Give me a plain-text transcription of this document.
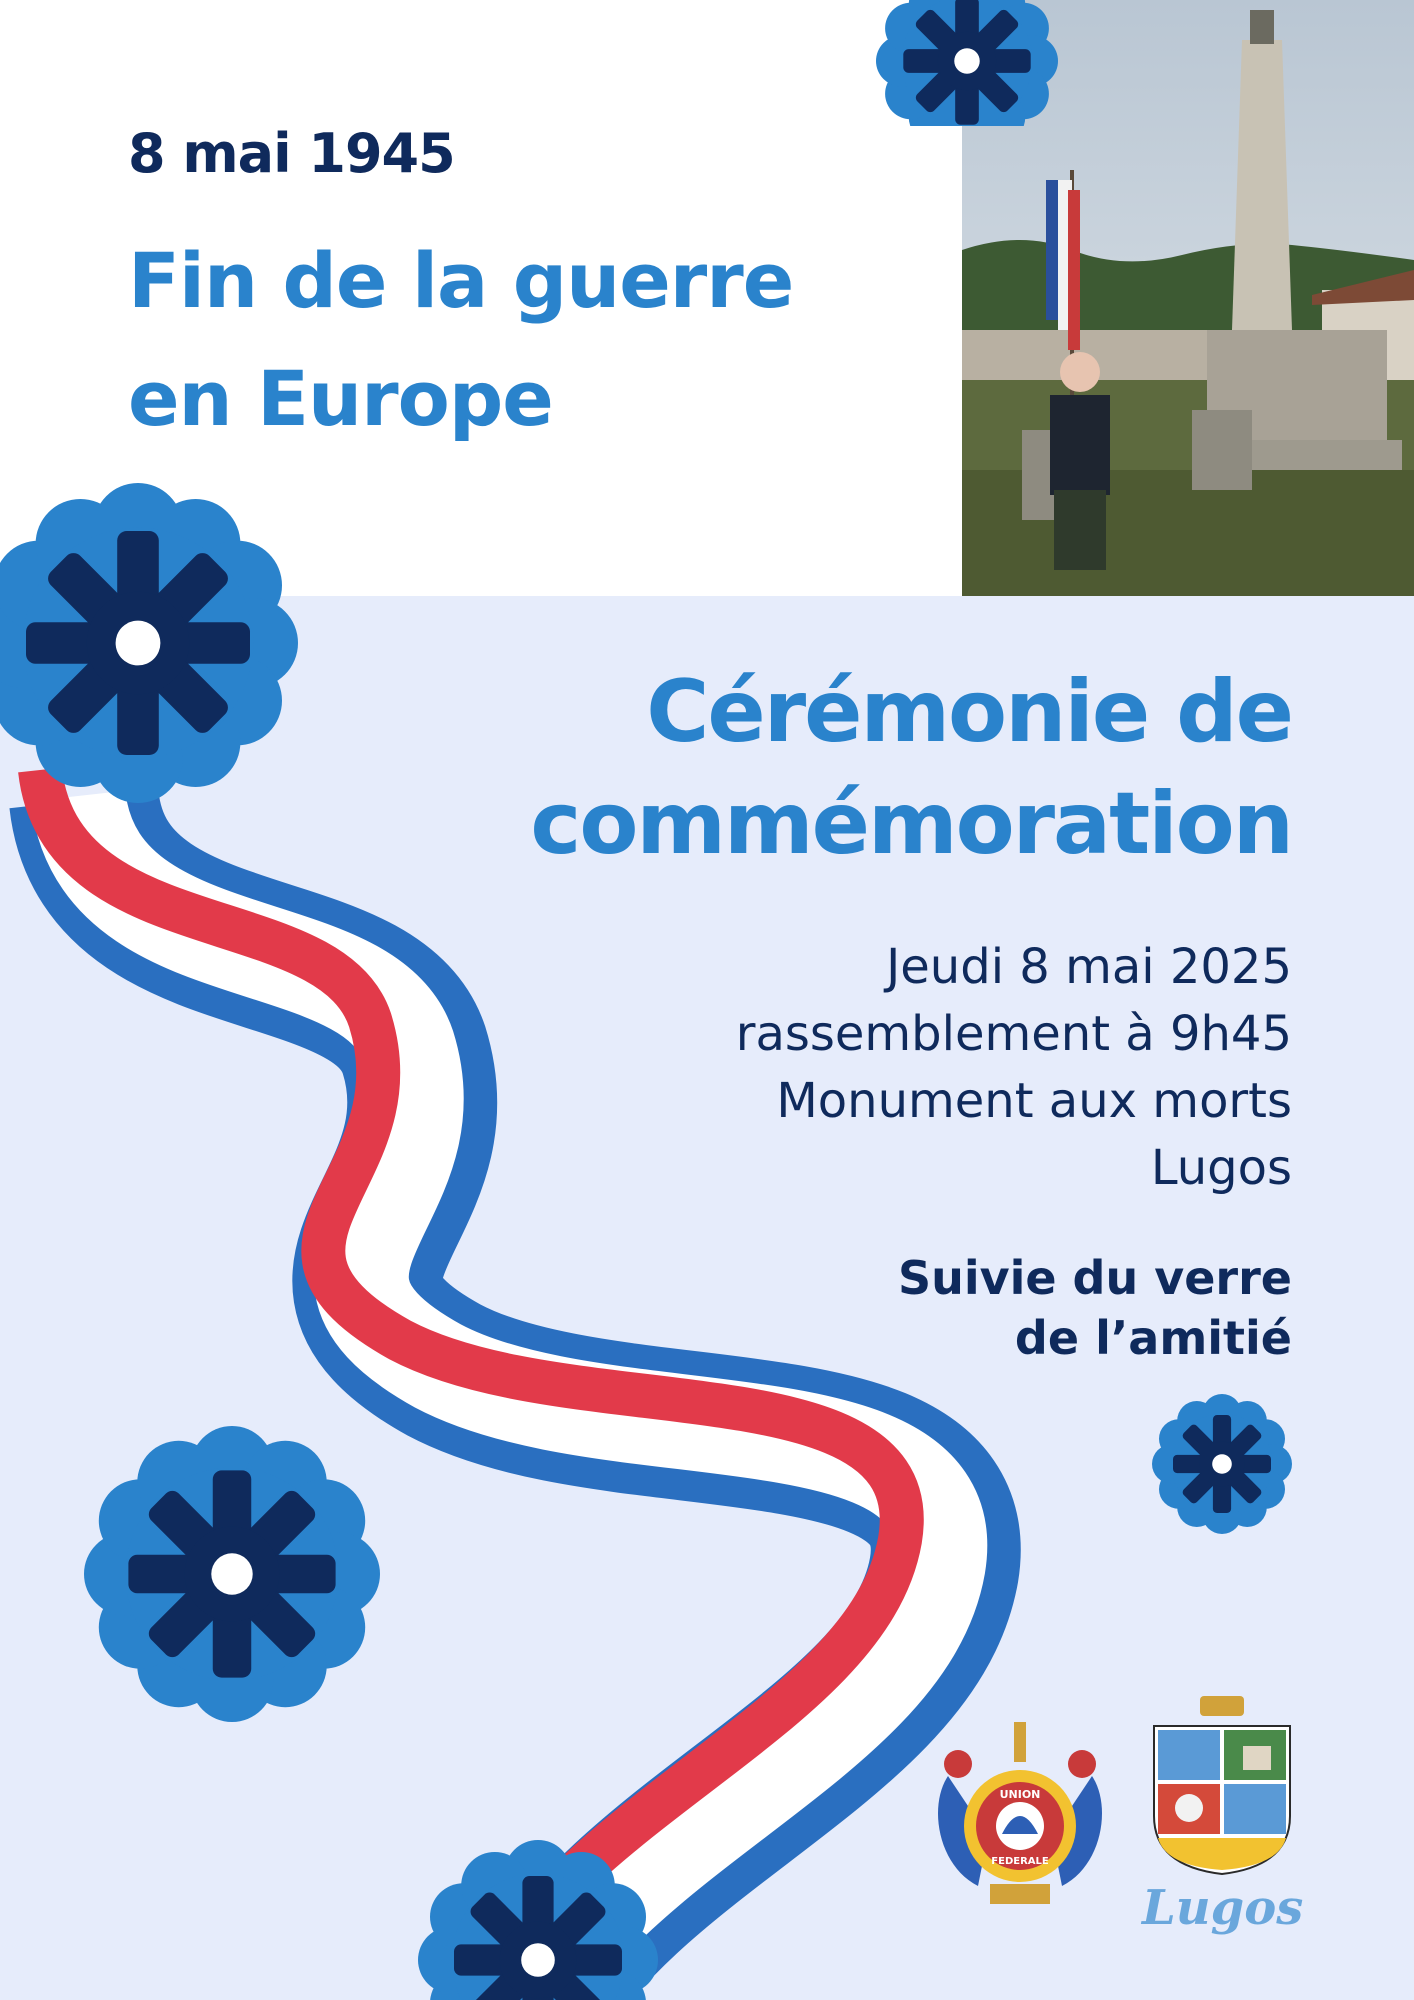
8 mai 1945
Fin de la guerre
en Europe
Cérémonie de
commémoration
Jeudi 8 mai 2025
rassemblement à 9h45
Monument aux morts
Lugos
Suivie du verre
de l’amitié
UNION
FEDERALE
Lugos
